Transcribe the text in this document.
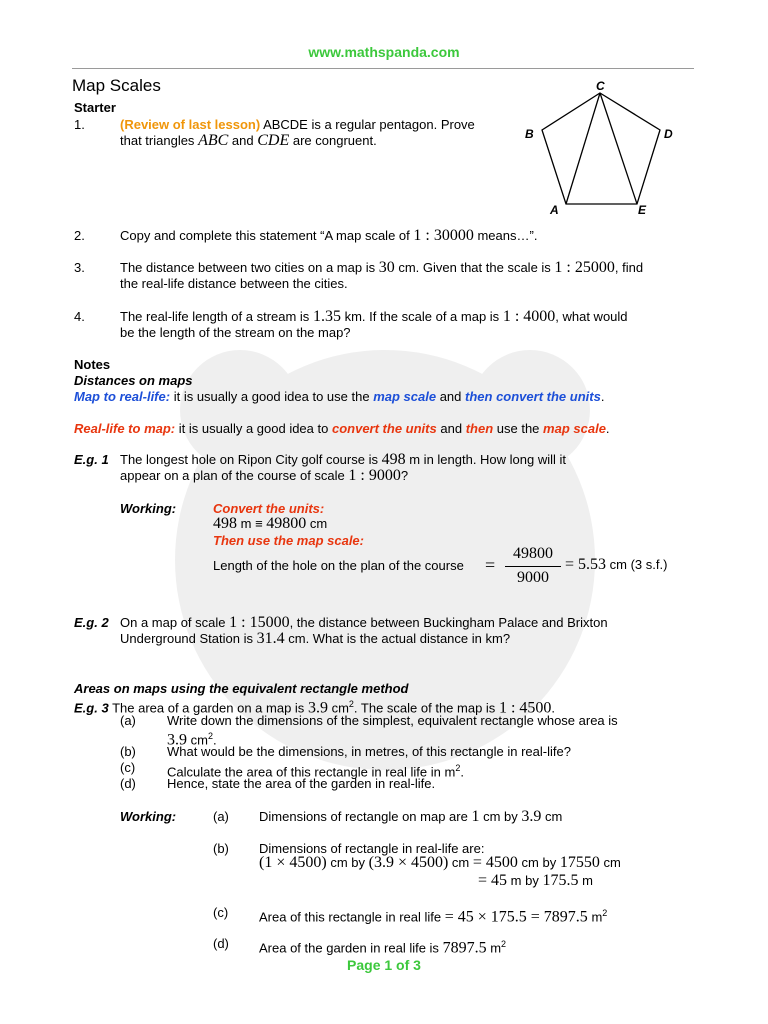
www.mathspanda.com
Map Scales
Starter
1.	(Review of last lesson) ABCDE is a regular pentagon. Prove
that triangles ABC and CDE are congruent.
C
B	D
A	E
2.	Copy and complete this statement “A map scale of 1 : 30000 means…”.
3.	The distance between two cities on a map is 30 cm. Given that the scale is 1 : 25000, find
the real-life distance between the cities.
4.	The real-life length of a stream is 1.35 km. If the scale of a map is 1 : 4000, what would
be the length of the stream on the map?
Notes
Distances on maps
Map to real-life: it is usually a good idea to use the map scale and then convert the units.
Real-life to map: it is usually a good idea to convert the units and then use the map scale.
E.g. 1 The longest hole on Ripon City golf course is 498 m in length. How long will it
appear on a plan of the course of scale 1 : 9000?
Working:	Convert the units:
498 m ≡ 49800 cm
Then use the map scale:
Length of the hole on the plan of the course =
49800
9000
= 5.53 cm (3 s.f.)
E.g. 2 On a map of scale 1 : 15000, the distance between Buckingham Palace and Brixton
Underground Station is 31.4 cm. What is the actual distance in km?
Areas on maps using the equivalent rectangle method
E.g. 3 The area of a garden on a map is 3.9 $cm^2$. The scale of the map is 1 : 4500.
(a) Write down the dimensions of the simplest, equivalent rectangle whose area is
3.9 $cm^2$.
(b) What would be the dimensions, in metres, of this rectangle in real-life?
(c) Calculate the area of this rectangle in real life in $m^2$.
(d) Hence, state the area of the garden in real-life.
Working:	(a) Dimensions of rectangle on map are 1 cm by 3.9 cm
(b) Dimensions of rectangle in real-life are:
(1 × 4500) cm by (3.9 × 4500) cm = 4500 cm by 17550 cm
= 45 m by 175.5 m
(c) Area of this rectangle in real life = 45 × 175.5 = 7897.5 $m^2$
(d) Area of the garden in real life is 7897.5 $m^2$
Page 1 of 3
